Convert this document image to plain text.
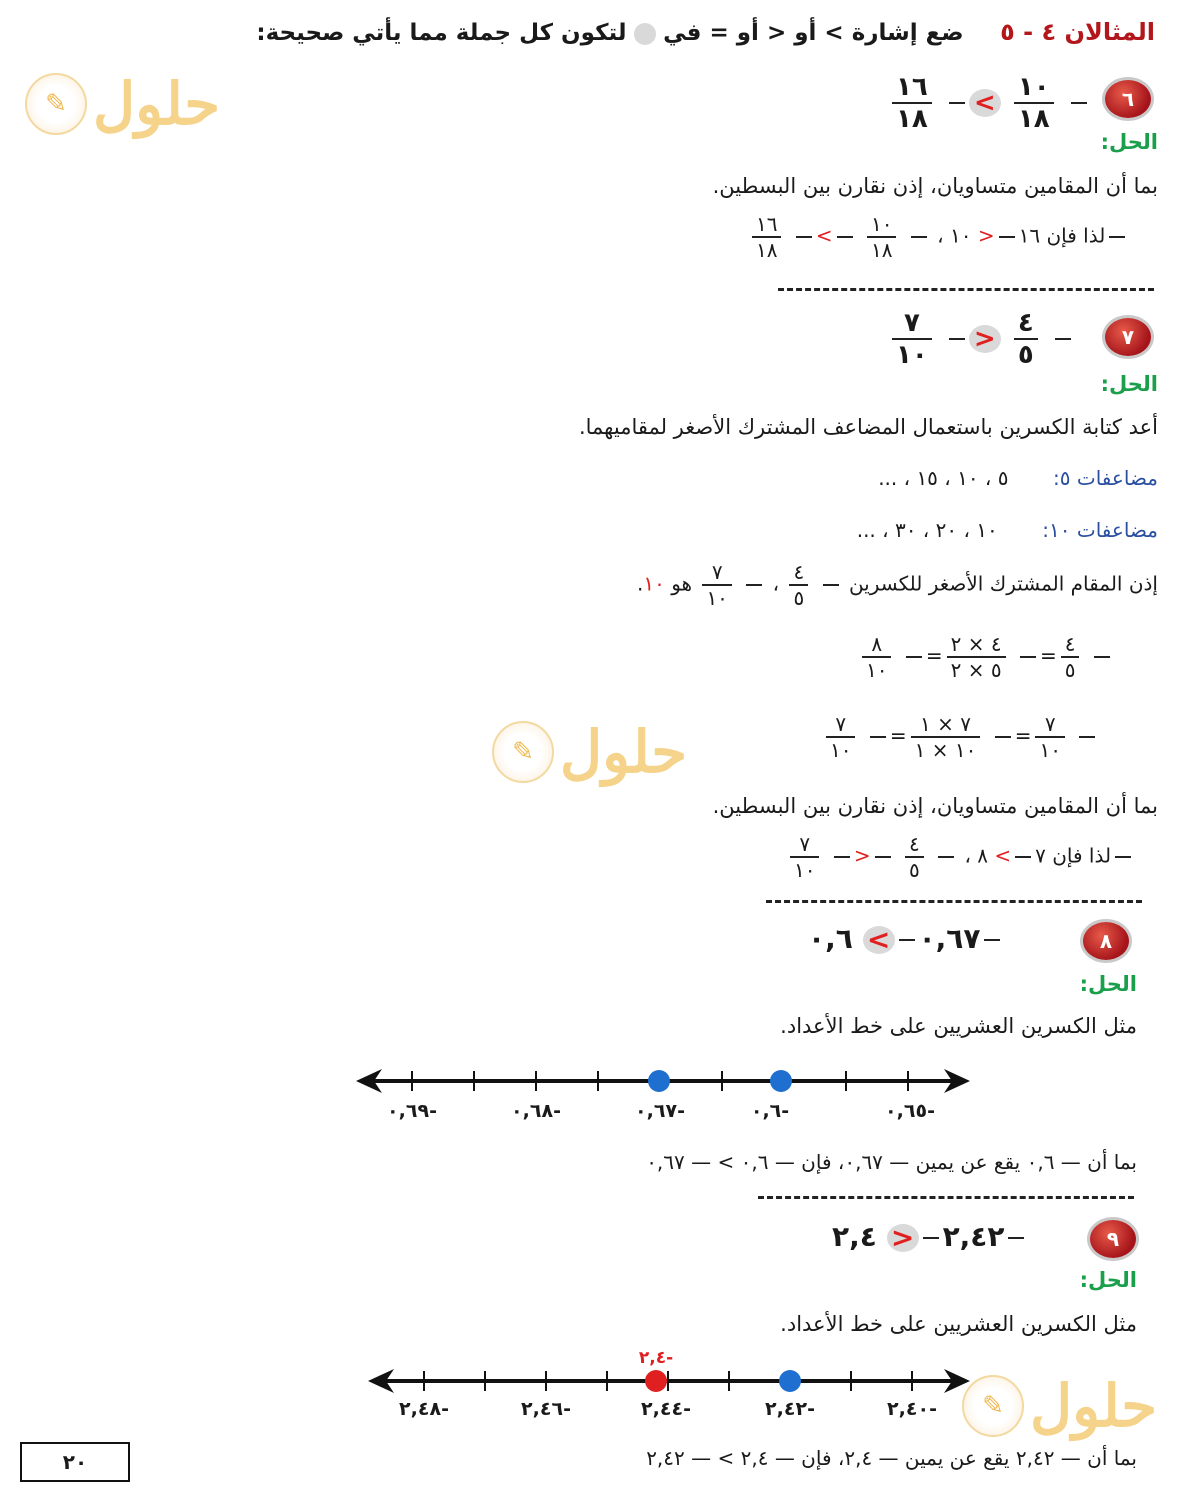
المثالان ٤ - ٥     ضع إشارة > أو < أو = في  لتكون كل جملة مما يأتي صحيحة:
✎ حلول
✎ حلول
✎ حلول
٦
$\frac{١٦}{١٨} < \frac{١٠}{١٨}$

الحل:
بما أن المقامين متساويان، إذن نقارن بين البسطين.
$\frac{١٦}{١٨} < \frac{١٠}{١٨}$ ، لذا فإن ١٦< ١٠
٧
$\frac{٧}{١٠} > \frac{٤}{٥}$

الحل:
أعد كتابة الكسرين باستعمال المضاعف المشترك الأصغر لمقاميهما.
مضاعفات ٥:       ٥ ، ١٠ ، ١٥ ، ...
مضاعفات ١٠:       ١٠ ، ٢٠ ، ٣٠ ، ...
إذن المقام المشترك الأصغر للكسرين
$\frac{٤}{٥}$
،
$\frac{٧}{١٠}$
هو ١٠.
$\frac{٨}{١٠} = \frac{٤ \times ٢}{٥ \times ٢} = \frac{٤}{٥}$

$\frac{٧}{١٠} = \frac{٧ \times ١}{١٠ \times ١} = \frac{٧}{١٠}$

بما أن المقامين متساويان، إذن نقارن بين البسطين.
$\frac{٧}{١٠} > \frac{٤}{٥}$ ، لذا فإن ٧> ٨
٨
٠,٦٧< ٠,٦
الحل:
مثل الكسرين العشريين على خط الأعداد.
٠,٦٩-	٠,٦٨-	٠,٦٧-	٠,٦-	٠,٦٥-
بما أن — ٠,٦ يقع عن يمين — ٠,٦٧، فإن — ٠,٦ > — ٠,٦٧
٩
٢,٤٢> ٢,٤
الحل:
مثل الكسرين العشريين على خط الأعداد.
٢,٤-
٢,٤٨-	٢,٤٦-	٢,٤٤-	٢,٤٢-	٢,٤٠-
بما أن — ٢,٤٢ يقع عن يمين — ٢,٤، فإن — ٢,٤ > — ٢,٤٢
٢٠
